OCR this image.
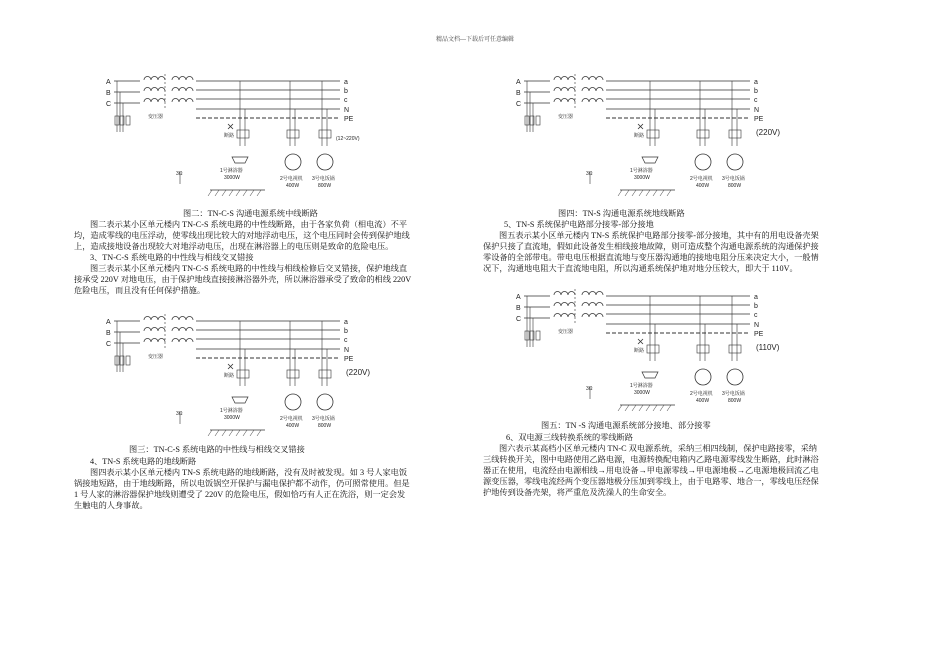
精品文档---下载后可任意编辑
A
B
C
变压器
a
b
c
N
PE
(12~220V)
断路
1号淋浴器
3000W	2号电视机
400W
3号电饭锅
800W
3Ω
图二：TN-C-S 沟通电源系统中线断路
图二表示某小区单元楼内 TN-C-S 系统电路的中性线断路，由于各家负荷（相电流）不平
均，造成零线的电压浮动，使零线出现比较大的对地浮动电压，这个电压同时会传到保护地线
上，造成接地设备出现较大对地浮动电压，出现在淋浴器上的电压则是致命的危险电压。
3、TN-C-S 系统电路的中性线与相线交叉错接
图三表示某小区单元楼内 TN-C-S 系统电路的中性线与相线检修后交叉错接，保护地线直
接承受 220V 对地电压，由于保护地线直接接淋浴器外壳，所以淋浴器承受了致命的相线 220V
危险电压，而且没有任何保护措施。
A
B
C
变压器
a
b
c
N
PE
(220V)
断路
1号淋浴器
3000W	2号电视机
400W
3号电饭锅
800W
3Ω
图三：TN-C-S 系统电路的中性线与相线交叉错接
4、TN-S 系统电路的地线断路
图四表示某小区单元楼内 TN-S 系统电路的地线断路，没有及时被发现。如 3 号人家电饭
锅接地短路，由于地线断路，所以电饭锅空开保护与漏电保护都不动作，仍可照常使用。但是
1 号人家的淋浴器保护地线则遭受了 220V 的危险电压，假如恰巧有人正在洗浴，则一定会发
生触电的人身事故。
A
B
C
变压器
a
b
c
N
PE
(220V)
断路
1号淋浴器
3000W	2号电视机
400W
3号电饭锅
800W
3Ω
图四：TN-S 沟通电源系统地线断路
5、TN-S 系统保护电路部分接零-部分接地
图五表示某小区单元楼内 TN-S 系统保护电路部分接零-部分接地，其中有的用电设备壳架
保护只接了直流地，假如此设备发生相线接地故障，则可造成整个沟通电源系统的沟通保护接
零设备的全部带电。带电电压根据直流地与变压器沟通地的接地电阻分压来决定大小，一般情
况下，沟通地电阻大于直流地电阻，所以沟通系统保护地对地分压较大，即大于 110V。
A
B
C
变压器
a
b
c
N
PE
(110V)
断路
1号淋浴器
3000W	2号电视机
400W
3号电饭锅
800W
3Ω
图五：TN -S 沟通电源系统部分接地、部分接零
6、双电源三线转换系统的零线断路
图六表示某高档小区单元楼内 TN-C 双电源系统，采纳三相四线制，保护电路接零，采纳
三线转换开关，图中电路使用乙路电源，电源转换配电箱内乙路电源零线发生断路，此时淋浴
器正在使用，电流经由电源相线→用电设备→甲电源零线→甲电源地极→乙电源地极回流乙电
源变压器，零线电流经两个变压器地极分压加到零线上，由于电路零、地合一，零线电压经保
护地传到设备壳架，将严重危及洗澡人的生命安全。
